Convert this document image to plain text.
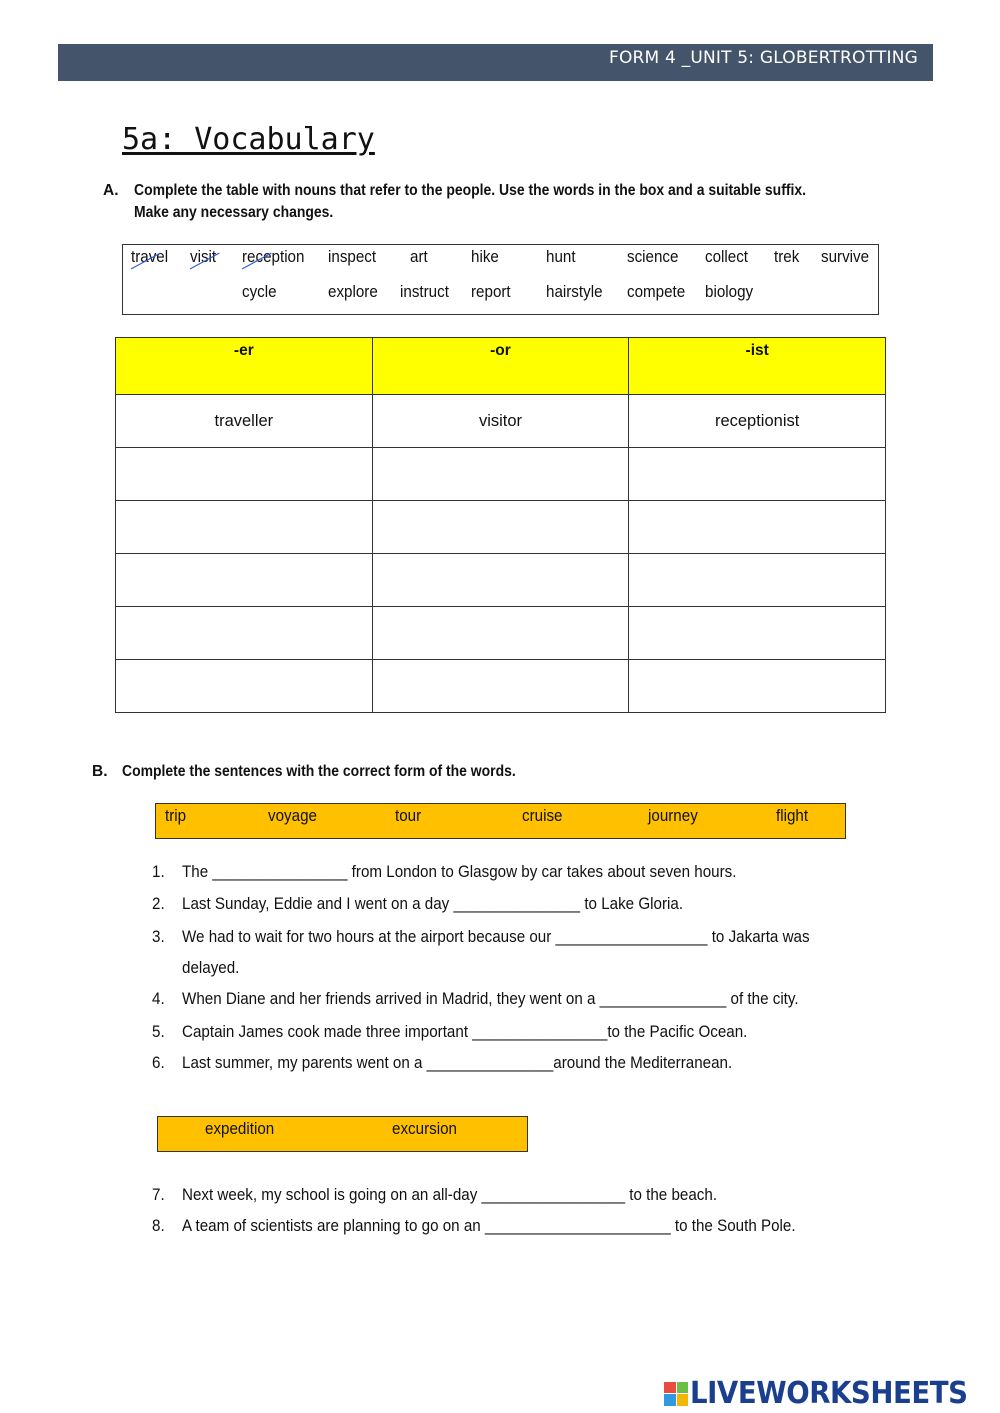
FORM 4 _UNIT 5: GLOBERTROTTING
5a: Vocabulary
A. Complete the table with nouns that refer to the people. Use the words in the box and a suitable suffix.
Make any necessary changes.
travel visit reception inspect art	hike	hunt	science collect trek survive
cycle	explore instruct report hairstyle compete biology
-er	-or	-ist
traveller	visitor	receptionist

B. Complete the sentences with the correct form of the words.
trip	voyage	tour	cruise	journey	flight
1. The ________________ from London to Glasgow by car takes about seven hours.
2. Last Sunday, Eddie and I went on a day _______________ to Lake Gloria.
3. We had to wait for two hours at the airport because our __________________ to Jakarta was
delayed.
4. When Diane and her friends arrived in Madrid, they went on a _______________ of the city.
5. Captain James cook made three important ________________to the Pacific Ocean.
6. Last summer, my parents went on a _______________around the Mediterranean.
expedition	excursion
7. Next week, my school is going on an all-day _________________ to the beach.
8. A team of scientists are planning to go on an ______________________ to the South Pole.
LIVEWORKSHEETS
